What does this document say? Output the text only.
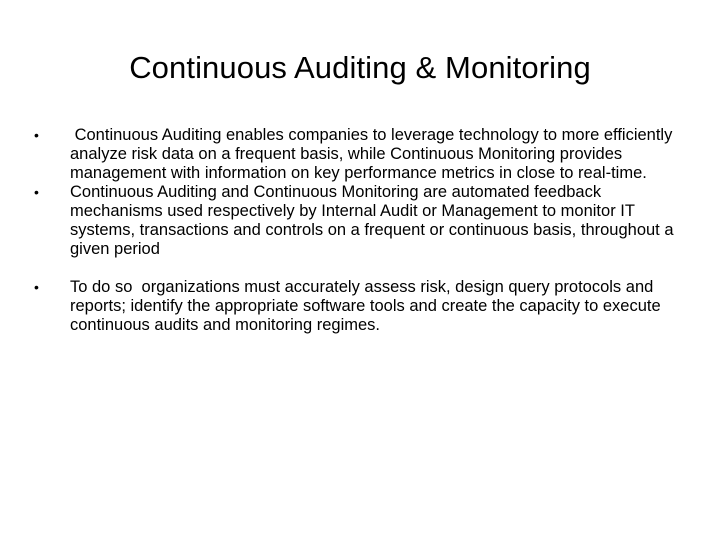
Continuous Auditing & Monitoring
•	Continuous Auditing enables companies to leverage technology to more efficiently analyze risk data on a frequent basis, while Continuous Monitoring provides management with information on key performance metrics in close to real-time.
•	Continuous Auditing and Continuous Monitoring are automated feedback mechanisms used respectively by Internal Audit or Management to monitor IT systems, transactions and controls on a frequent or continuous basis, throughout a given period
•	To do so  organizations must accurately assess risk, design query protocols and reports; identify the appropriate software tools and create the capacity to execute continuous audits and monitoring regimes.
